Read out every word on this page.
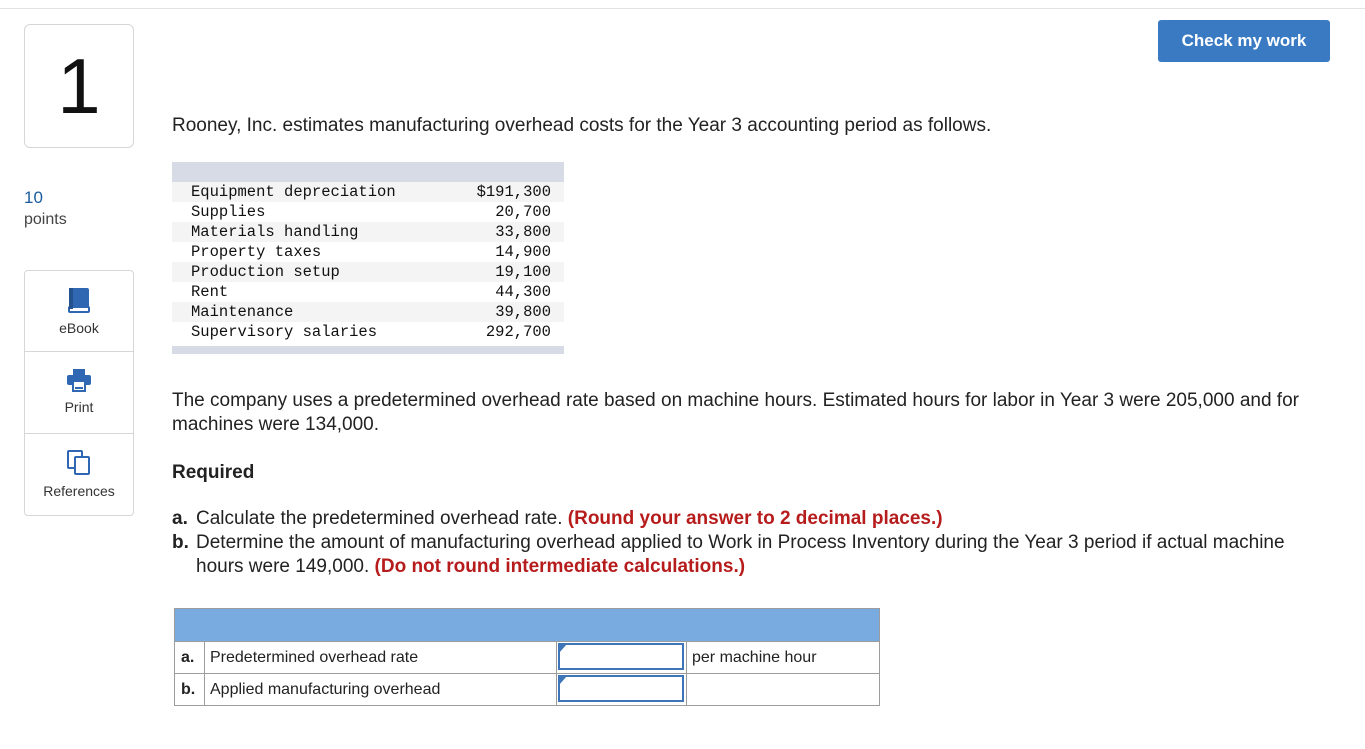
1
10
points
eBook
Print
References
Check my work
Rooney, Inc. estimates manufacturing overhead costs for the Year 3 accounting period as follows.
Equipment depreciation	$191,300
Supplies	20,700
Materials handling	33,800
Property taxes	14,900
Production setup	19,100
Rent	44,300
Maintenance	39,800
Supervisory salaries	292,700
The company uses a predetermined overhead rate based on machine hours. Estimated hours for labor in Year 3 were 205,000 and for machines were 134,000.
Required
a. Calculate the predetermined overhead rate. (Round your answer to 2 decimal places.)
b. Determine the amount of manufacturing overhead applied to Work in Process Inventory during the Year 3 period if actual machine hours were 149,000. (Do not round intermediate calculations.)
a. Predetermined overhead rate	per machine hour
b. Applied manufacturing overhead
